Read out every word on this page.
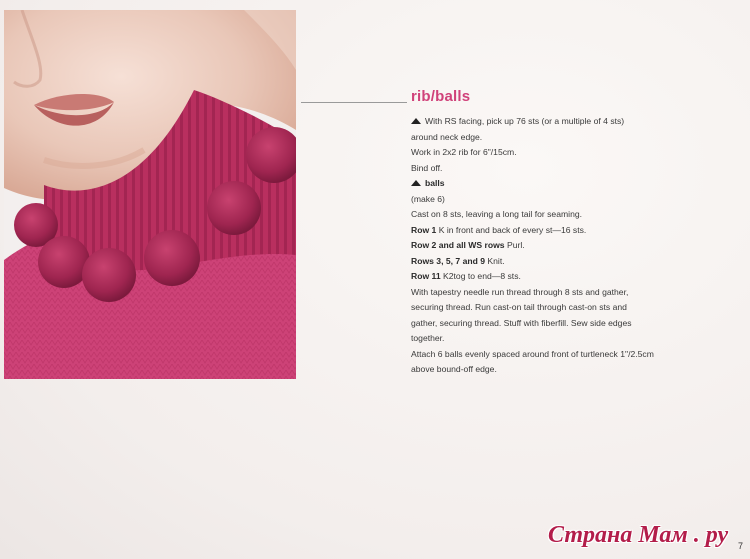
rib/balls
With RS facing, pick up 76 sts (or a multiple of 4 sts)
around neck edge.
Work in 2x2 rib for 6"/15cm.
Bind off.
balls
(make 6)
Cast on 8 sts, leaving a long tail for seaming.
Row 1 K in front and back of every st—16 sts.
Row 2 and all WS rows Purl.
Rows 3, 5, 7 and 9 Knit.
Row 11 K2tog to end—8 sts.
With tapestry needle run thread through 8 sts and gather,
securing thread. Run cast-on tail through cast-on sts and
gather, securing thread. Stuff with fiberfill. Sew side edges
together.
Attach 6 balls evenly spaced around front of turtleneck 1"/2.5cm
above bound-off edge.
7
Страна Мам . ру
